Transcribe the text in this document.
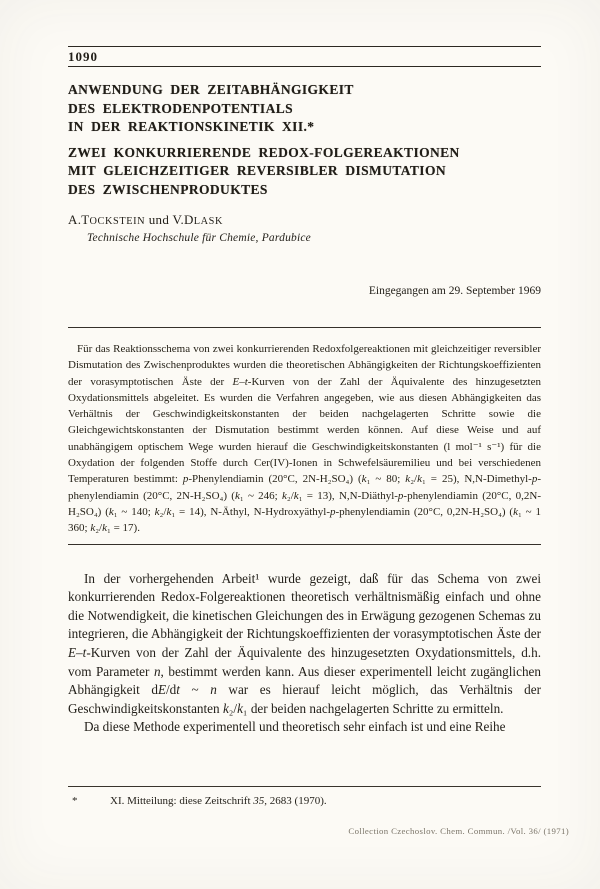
1090
ANWENDUNG DER ZEITABHÄNGIGKEIT
DES ELEKTRODENPOTENTIALS
IN DER REAKTIONSKINETIK XII.*
ZWEI KONKURRIERENDE REDOX-FOLGEREAKTIONEN
MIT GLEICHZEITIGER REVERSIBLER DISMUTATION
DES ZWISCHENPRODUKTES
A.TOCKSTEIN und V.DLASK
Technische Hochschule für Chemie, Pardubice
Eingegangen am 29. September 1969
Für das Reaktionsschema von zwei konkurrierenden Redoxfolgereaktionen mit gleichzeitiger reversibler Dismutation des Zwischenproduktes wurden die theoretischen Abhängigkeiten der Richtungskoeffizienten der vorasymptotischen Äste der E–t-Kurven von der Zahl der Äquivalente des hinzugesetzten Oxydationsmittels abgeleitet. Es wurden die Verfahren angegeben, wie aus diesen Abhängigkeiten das Verhältnis der Geschwindigkeitskonstanten der beiden nachgelagerten Schritte sowie die Gleichgewichtskonstanten der Dismutation bestimmt werden können. Auf diese Weise und auf unabhängigem optischem Wege wurden hierauf die Geschwindigkeitskonstanten (l mol⁻¹ s⁻¹) für die Oxydation der folgenden Stoffe durch Cer(IV)-Ionen in Schwefelsäuremilieu und bei verschiedenen Temperaturen bestimmt: p-Phenylendiamin (20°C, 2N-H₂SO₄) (k₁ ~ 80; k₂/k₁ = 25), N,N-Dimethyl-p-phenylendiamin (20°C, 2N-H₂SO₄) (k₁ ~ 246; k₂/k₁ = 13), N,N-Diäthyl-p-phenylendiamin (20°C, 0,2N-H₂SO₄) (k₁ ~ 140; k₂/k₁ = 14), N-Äthyl, N-Hydroxyäthyl-p-phenylendiamin (20°C, 0,2N-H₂SO₄) (k₁ ~ 1 360; k₂/k₁ = 17).

In der vorhergehenden Arbeit¹ wurde gezeigt, daß für das Schema von zwei konkurrierenden Redox-Folgereaktionen theoretisch verhältnismäßig einfach und ohne die Notwendigkeit, die kinetischen Gleichungen des in Erwägung gezogenen Schemas zu integrieren, die Abhängigkeit der Richtungskoeffizienten der vorasymptotischen Äste der E–t-Kurven von der Zahl der Äquivalente des hinzugesetzten Oxydationsmittels, d.h. vom Parameter n, bestimmt werden kann. Aus dieser experimentell leicht zugänglichen Abhängigkeit dE/dt ~ n war es hierauf leicht möglich, das Verhältnis der Geschwindigkeitskonstanten k₂/k₁ der beiden nachgelagerten Schritte zu ermitteln.

Da diese Methode experimentell und theoretisch sehr einfach ist und eine Reihe

*	XI. Mitteilung: diese Zeitschrift 35, 2683 (1970).
Collection Czechoslov. Chem. Commun. /Vol. 36/ (1971)
